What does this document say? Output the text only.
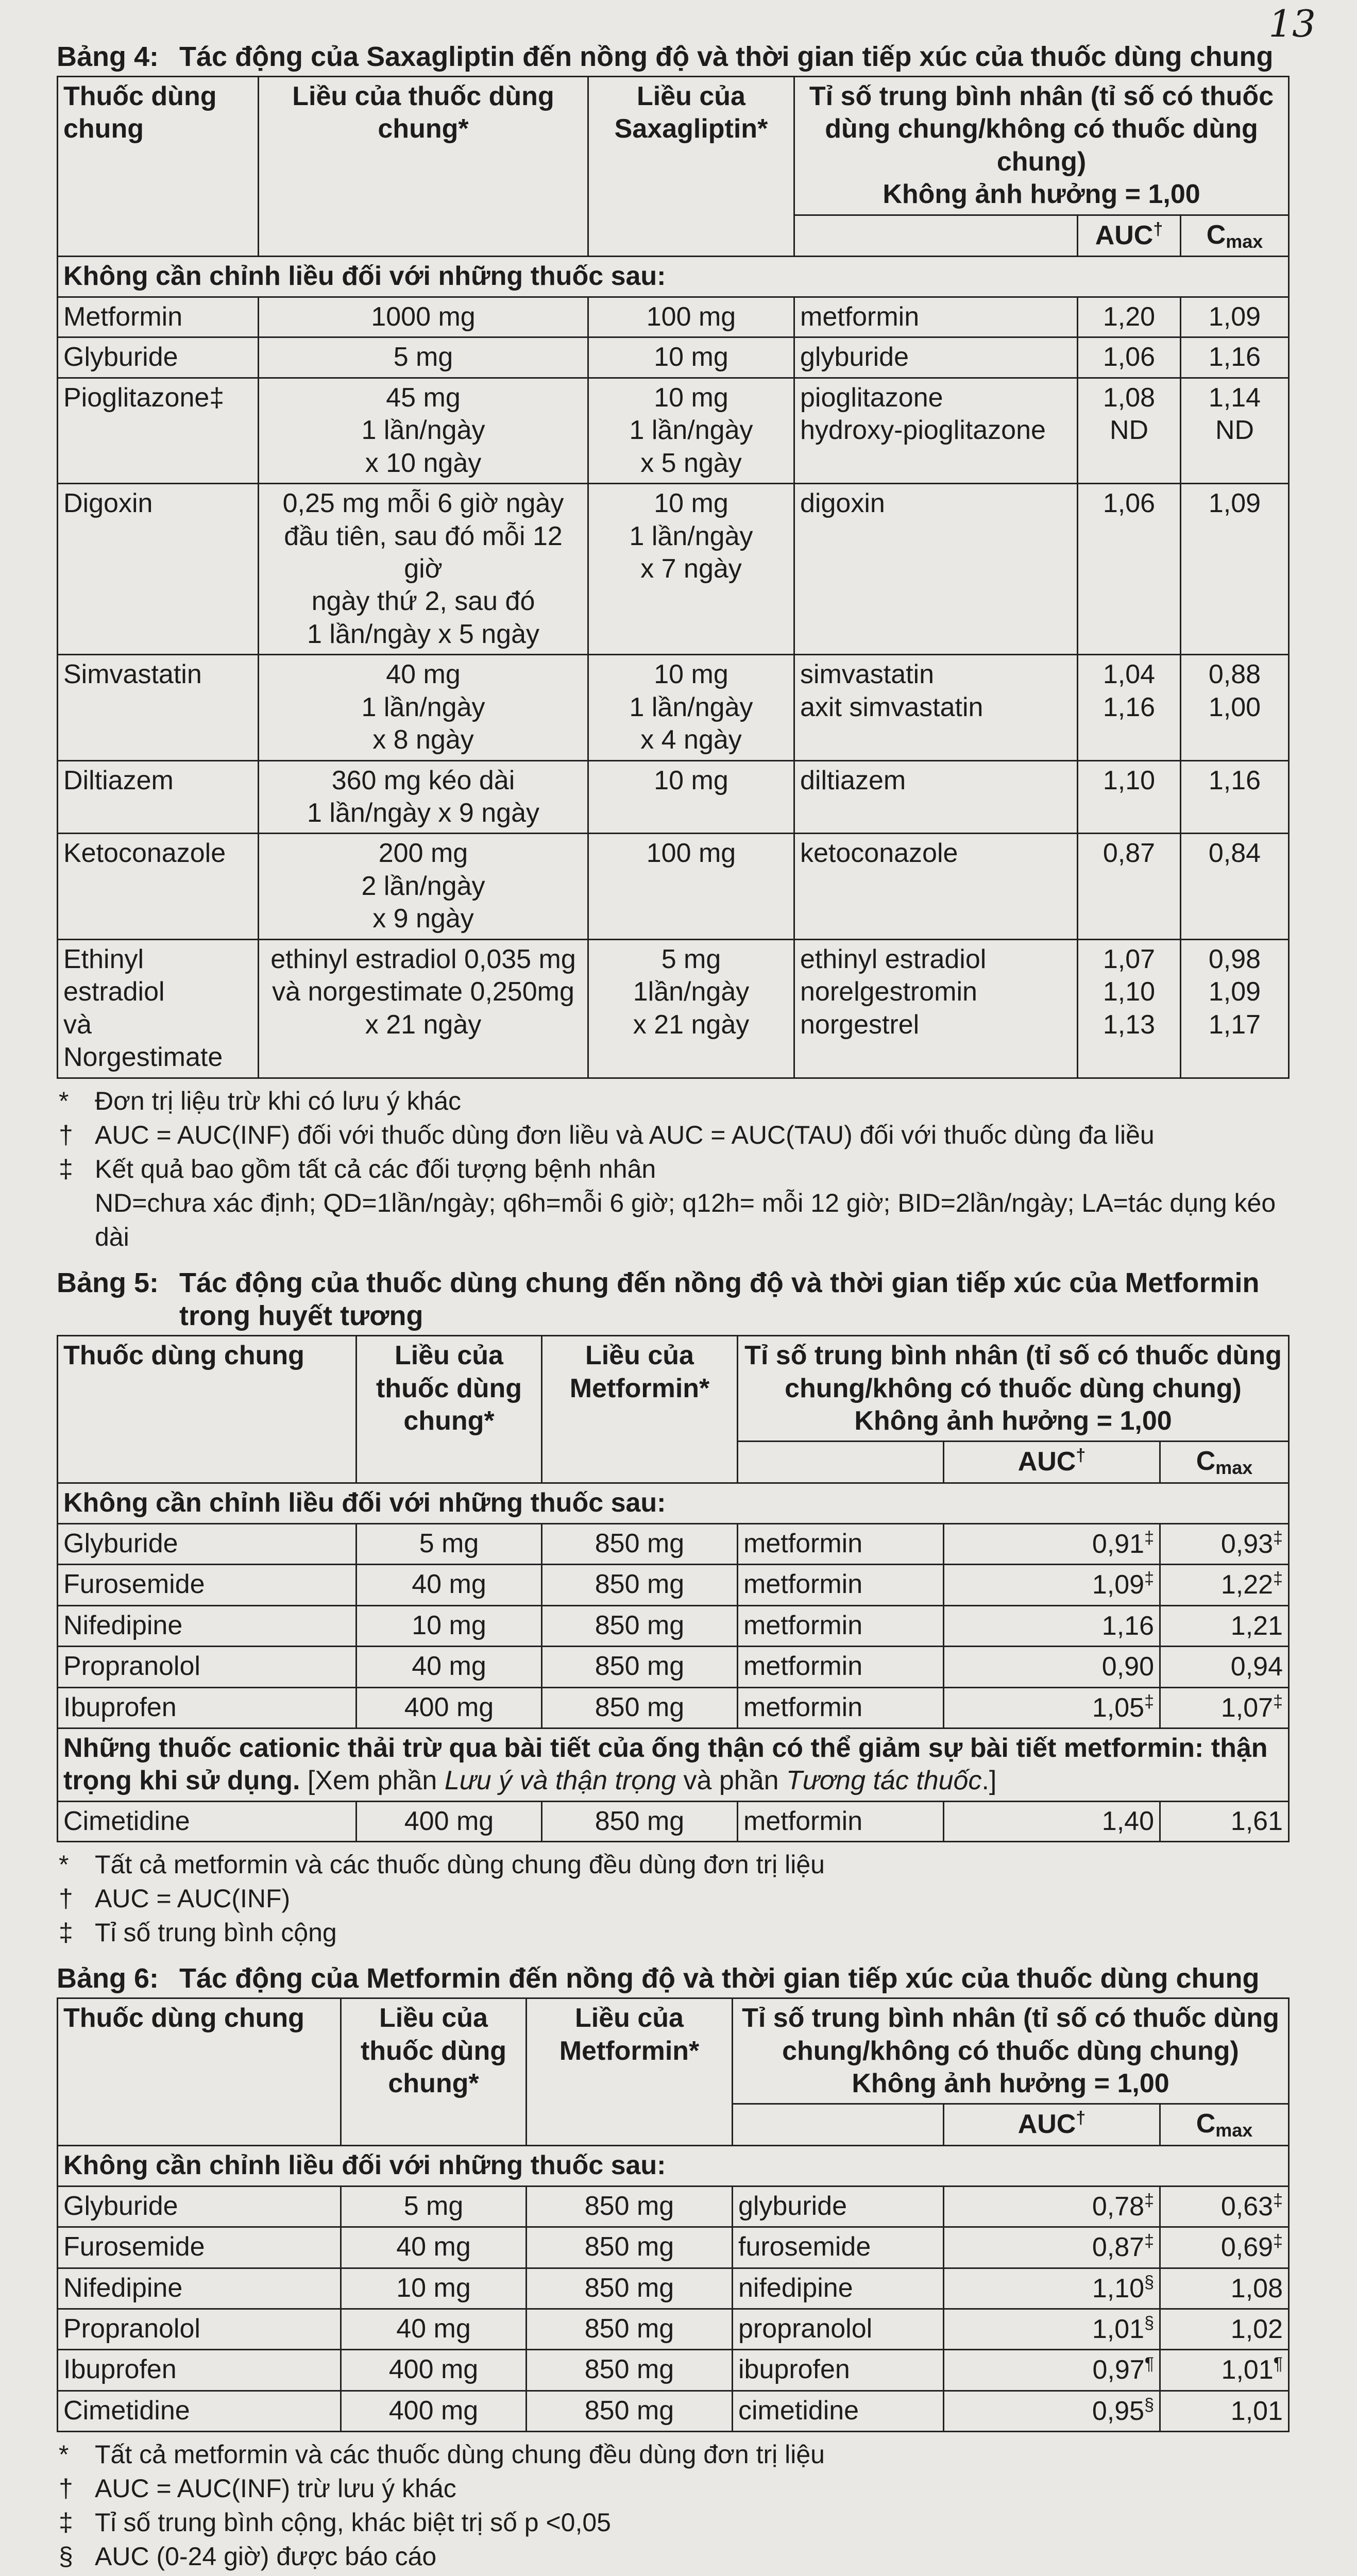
13
Bảng 4: Tác động của Saxagliptin đến nồng độ và thời gian tiếp xúc của thuốc dùng chung
Thuốc dùng chung	Liều của thuốc dùng chung*	Liều của Saxagliptin*	Tỉ số trung bình nhân (tỉ số có thuốc dùng chung/không có thuốc dùng chung)
Không ảnh hưởng = 1,00		
				AUC†	$C_{max}$
Không cần chỉnh liều đối với những thuốc sau:					

Metformin	1000 mg	100 mg	metformin	1,20	1,09

Glyburide	5 mg	10 mg	glyburide	1,06	1,16

Pioglitazone‡	45 mg
1 lần/ngày
x 10 ngày	10 mg
1 lần/ngày
x 5 ngày	pioglitazone
hydroxy-pioglitazone	1,08
ND	1,14
ND

Digoxin	0,25 mg mỗi 6 giờ ngày
đầu tiên, sau đó mỗi 12 giờ
ngày thứ 2, sau đó
1 lần/ngày x 5 ngày	10 mg
1 lần/ngày
x 7 ngày	digoxin	1,06	1,09

Simvastatin	40 mg
1 lần/ngày
x 8 ngày	10 mg
1 lần/ngày
x 4 ngày	simvastatin
axit simvastatin	1,04
1,16	0,88
1,00

Diltiazem	360 mg kéo dài
1 lần/ngày x 9 ngày	10 mg	diltiazem	1,10	1,16

Ketoconazole	200 mg
2 lần/ngày
x 9 ngày	100 mg	ketoconazole	0,87	0,84

Ethinyl estradiol
và Norgestimate	ethinyl estradiol 0,035 mg
và norgestimate 0,250mg
x 21 ngày	5 mg
1lần/ngày
x 21 ngày	ethinyl estradiol
norelgestromin
norgestrel	1,07
1,10
1,13	0,98
1,09
1,17
*	Đơn trị liệu trừ khi có lưu ý khác
† AUC = AUC(INF) đối với thuốc dùng đơn liều và AUC = AUC(TAU) đối với thuốc dùng đa liều
‡ Kết quả bao gồm tất cả các đối tượng bệnh nhân
ND=chưa xác định; QD=1lần/ngày; q6h=mỗi 6 giờ; q12h= mỗi 12 giờ; BID=2lần/ngày; LA=tác dụng kéo dài
Bảng 5: Tác động của thuốc dùng chung đến nồng độ và thời gian tiếp xúc của Metformin trong huyết tương
Thuốc dùng chung	Liều của thuốc dùng chung*	Liều của Metformin*	Tỉ số trung bình nhân (tỉ số có thuốc dùng chung/không có thuốc dùng chung)
Không ảnh hưởng = 1,00		
				AUC†	$C_{max}$
Không cần chỉnh liều đối với những thuốc sau:					
Glyburide	5 mg	850 mg	metformin	0,91‡	0,93‡
Furosemide	40 mg	850 mg	metformin	1,09‡	1,22‡
Nifedipine	10 mg	850 mg	metformin	1,16	1,21
Propranolol	40 mg	850 mg	metformin	0,90	0,94
Ibuprofen	400 mg	850 mg	metformin	1,05‡	1,07‡
Những thuốc cationic thải trừ qua bài tiết của ống thận có thể giảm sự bài tiết metformin: thận trọng khi sử dụng. [Xem phần Lưu ý và thận trọng và phần Tương tác thuốc.]					
Cimetidine	400 mg	850 mg	metformin	1,40	1,61
*	Tất cả metformin và các thuốc dùng chung đều dùng đơn trị liệu
† AUC = AUC(INF)
‡ Tỉ số trung bình cộng
Bảng 6: Tác động của Metformin đến nồng độ và thời gian tiếp xúc của thuốc dùng chung
Thuốc dùng chung	Liều của thuốc dùng chung*	Liều của Metformin*	Tỉ số trung bình nhân (tỉ số có thuốc dùng chung/không có thuốc dùng chung)
Không ảnh hưởng = 1,00		
				AUC†	$C_{max}$
Không cần chỉnh liều đối với những thuốc sau:					
Glyburide	5 mg	850 mg	glyburide	0,78‡	0,63‡
Furosemide	40 mg	850 mg	furosemide	0,87‡	0,69‡
Nifedipine	10 mg	850 mg	nifedipine	1,10§	1,08
Propranolol	40 mg	850 mg	propranolol	1,01§	1,02
Ibuprofen	400 mg	850 mg	ibuprofen	0,97¶	1,01¶
Cimetidine	400 mg	850 mg	cimetidine	0,95§	1,01
*	Tất cả metformin và các thuốc dùng chung đều dùng đơn trị liệu
† AUC = AUC(INF) trừ lưu ý khác
‡ Tỉ số trung bình cộng, khác biệt trị số p <0,05
§ AUC (0-24 giờ) được báo cáo
